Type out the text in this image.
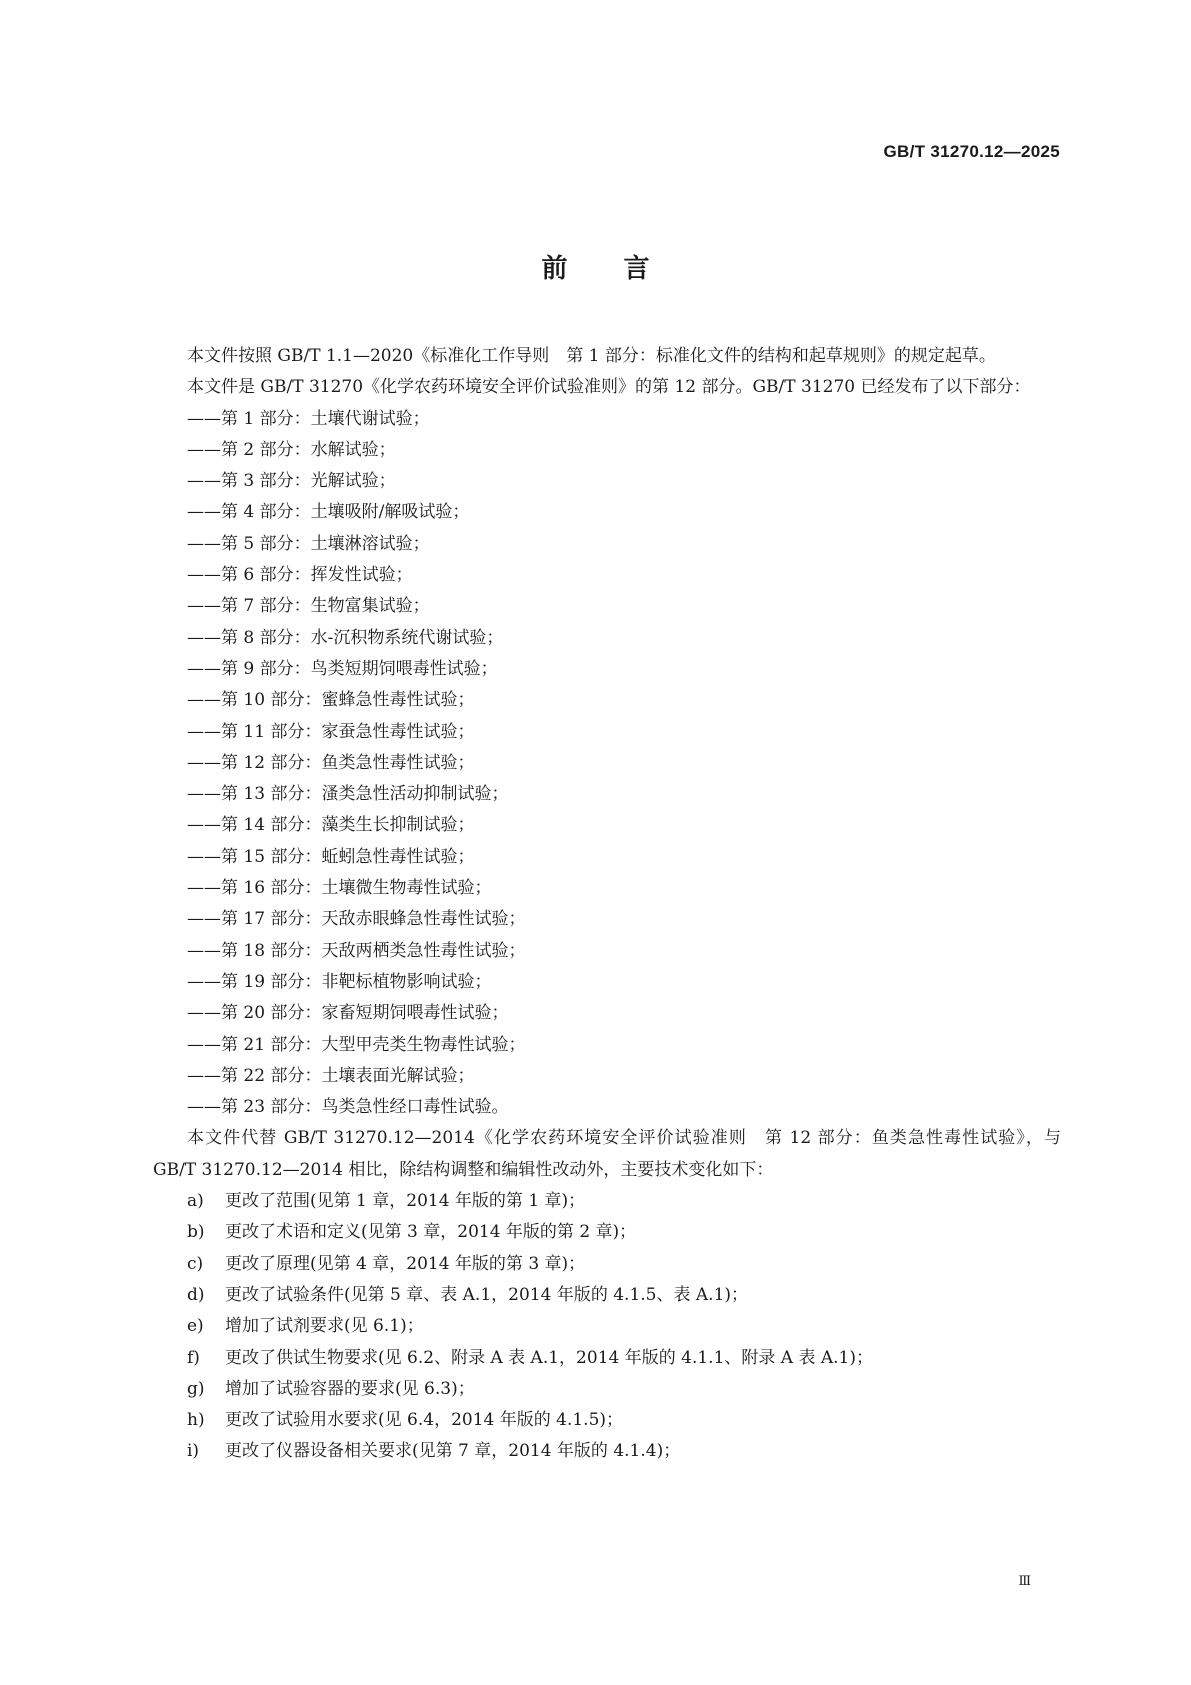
GB/T 31270.12—2025
前言

本文件按照 GB/T 1.1—2020《标准化工作导则　第 1 部分：标准化文件的结构和起草规则》的规定起草。

本文件是 GB/T 31270《化学农药环境安全评价试验准则》的第 12 部分。GB/T 31270 已经发布了以下部分：

——第 1 部分：土壤代谢试验；
——第 2 部分：水解试验；
——第 3 部分：光解试验；
——第 4 部分：土壤吸附/解吸试验；
——第 5 部分：土壤淋溶试验；
——第 6 部分：挥发性试验；
——第 7 部分：生物富集试验；
——第 8 部分：水-沉积物系统代谢试验；
——第 9 部分：鸟类短期饲喂毒性试验；
——第 10 部分：蜜蜂急性毒性试验；
——第 11 部分：家蚕急性毒性试验；
——第 12 部分：鱼类急性毒性试验；
——第 13 部分：溞类急性活动抑制试验；
——第 14 部分：藻类生长抑制试验；
——第 15 部分：蚯蚓急性毒性试验；
——第 16 部分：土壤微生物毒性试验；
——第 17 部分：天敌赤眼蜂急性毒性试验；
——第 18 部分：天敌两栖类急性毒性试验；
——第 19 部分：非靶标植物影响试验；
——第 20 部分：家畜短期饲喂毒性试验；
——第 21 部分：大型甲壳类生物毒性试验；
——第 22 部分：土壤表面光解试验；
——第 23 部分：鸟类急性经口毒性试验。

本文件代替 GB/T 31270.12—2014《化学农药环境安全评价试验准则　第 12 部分：鱼类急性毒性试验》，与 GB/T 31270.12—2014 相比，除结构调整和编辑性改动外，主要技术变化如下：

a)	更改了范围(见第 1 章，2014 年版的第 1 章)；
b)	更改了术语和定义(见第 3 章，2014 年版的第 2 章)；
c)	更改了原理(见第 4 章，2014 年版的第 3 章)；
d)	更改了试验条件(见第 5 章、表 A.1，2014 年版的 4.1.5、表 A.1)；
e)	增加了试剂要求(见 6.1)；
f)	更改了供试生物要求(见 6.2、附录 A 表 A.1，2014 年版的 4.1.1、附录 A 表 A.1)；
g)	增加了试验容器的要求(见 6.3)；
h)	更改了试验用水要求(见 6.4，2014 年版的 4.1.5)；
i)	更改了仪器设备相关要求(见第 7 章，2014 年版的 4.1.4)；
Ⅲ
